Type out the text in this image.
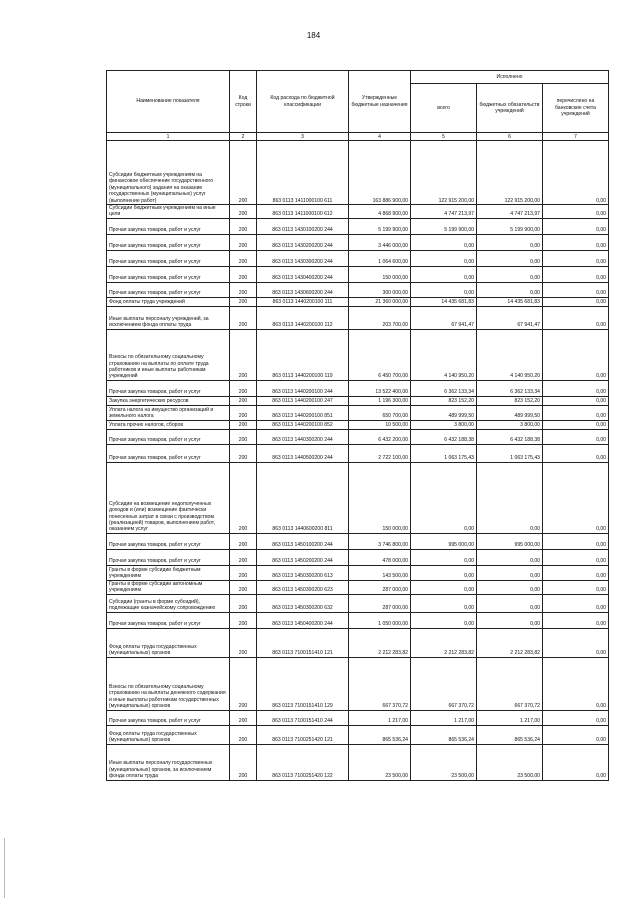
184
Наименование показателя	Код строки	Код расхода по бюджетной классификации	Утвержденные бюджетные назначения	Исполнено		
				всего	бюджетных обязательств учреждений	перечислено на банковские счета учреждений
1	2	3	4	5	6	7
Субсидии бюджетным учреждениям на финансовое обеспечение государственного (муниципального) задания на оказание государственных (муниципальных) услуг (выполнение работ)	200	863 0113 1411000100 611	163 886 900,00	122 915 200,00	122 915 200,00	0,00
Субсидии бюджетным учреждениям на иные цели	200	863 0113 1411000100 612	4 868 900,00	4 747 213,97	4 747 213,97	0,00
Прочая закупка товаров, работ и услуг	200	863 0113 1430100200 244	5 199 900,00	5 199 900,00	5 199 900,00	0,00
Прочая закупка товаров, работ и услуг	200	863 0113 1430200200 244	3 446 000,00	0,00	0,00	0,00
Прочая закупка товаров, работ и услуг	200	863 0113 1430300200 244	1 064 600,00	0,00	0,00	0,00
Прочая закупка товаров, работ и услуг	200	863 0113 1430400200 244	150 000,00	0,00	0,00	0,00
Прочая закупка товаров, работ и услуг	200	863 0113 1430600200 244	300 000,00	0,00	0,00	0,00
Фонд оплаты труда учреждений	200	863 0113 1440200100 111	21 360 000,00	14 435 681,83	14 435 681,83	0,00
Иные выплаты персоналу учреждений, за исключением фонда оплаты труда	200	863 0113 1440200100 112	203 700,00	67 941,47	67 941,47	0,00
Взносы по обязательному социальному страхованию на выплаты по оплате труда работников и иные выплаты работникам учреждений	200	863 0113 1440200100 119	6 450 700,00	4 140 950,20	4 140 950,20	0,00
Прочая закупка товаров, работ и услуг	200	863 0113 1440200100 244	13 522 400,00	6 362 133,34	6 362 133,34	0,00
Закупка энергетических ресурсов	200	863 0113 1440200100 247	1 196 300,00	823 152,20	823 152,20	0,00
Уплата налога на имущество организаций и земельного налога	200	863 0113 1440200100 851	650 700,00	489 999,50	489 999,50	0,00
Уплата прочих налогов, сборов	200	863 0113 1440200100 852	10 500,00	3 800,00	3 800,00	0,00
Прочая закупка товаров, работ и услуг	200	863 0113 1440300200 244	6 432 200,00	6 432 188,38	6 432 188,38	0,00
Прочая закупка товаров, работ и услуг	200	863 0113 1440500200 244	2 722 100,00	1 063 175,43	1 063 175,43	0,00
Субсидии на возмещение недополученных доходов и (или) возмещение фактически понесенных затрат в связи с производством (реализацией) товаров, выполнением работ, оказанием услуг	200	863 0113 1440600200 811	150 000,00	0,00	0,00	0,00
Прочая закупка товаров, работ и услуг	200	863 0113 1450100200 244	3 746 800,00	995 000,00	995 000,00	0,00
Прочая закупка товаров, работ и услуг	200	863 0113 1450200200 244	478 000,00	0,00	0,00	0,00
Гранты в форме субсидии бюджетным учреждениям	200	863 0113 1450300200 613	143 500,00	0,00	0,00	0,00
Гранты в форме субсидии автономным учреждениям	200	863 0113 1450300200 623	287 000,00	0,00	0,00	0,00
Субсидии (гранты в форме субсидий), подлежащие казначейскому сопровождению	200	863 0113 1450300200 632	287 000,00	0,00	0,00	0,00
Прочая закупка товаров, работ и услуг	200	863 0113 1450400200 244	1 050 000,00	0,00	0,00	0,00
Фонд оплаты труда государственных (муниципальных) органов	200	863 0113 7100151410 121	2 212 283,82	2 212 283,82	2 212 283,82	0,00
Взносы по обязательному социальному страхованию на выплаты денежного содержания и иные выплаты работникам государственных (муниципальных) органов	200	863 0113 7100151410 129	667 370,72	667 370,72	667 370,72	0,00
Прочая закупка товаров, работ и услуг	200	863 0113 7100151410 244	1 217,00	1 217,00	1 217,00	0,00
Фонд оплаты труда государственных (муниципальных) органов	200	863 0113 7100251420 121	865 536,24	865 536,24	865 536,24	0,00
Иные выплаты персоналу государственных (муниципальных) органов, за исключением фонда оплаты труда	200	863 0113 7100251420 122	23 500,00	23 500,00	23 500,00	0,00
